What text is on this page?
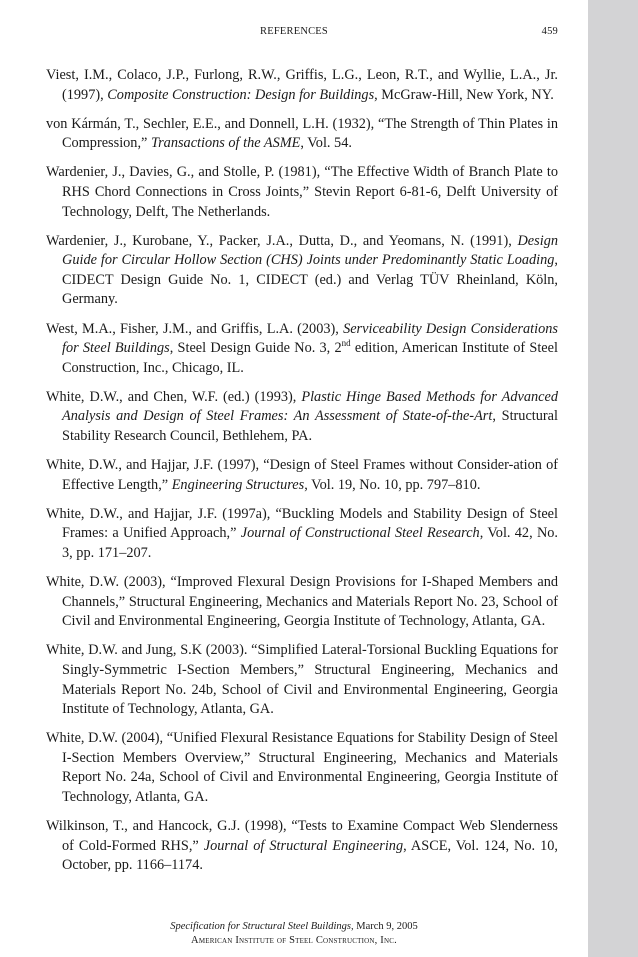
REFERENCES	459

Viest, I.M., Colaco, J.P., Furlong, R.W., Griffis, L.G., Leon, R.T., and Wyllie, L.A., Jr. (1997), Composite Construction: Design for Buildings, McGraw-Hill, New York, NY.

von Kármán, T., Sechler, E.E., and Donnell, L.H. (1932), “The Strength of Thin Plates in Compression,” Transactions of the ASME, Vol. 54.

Wardenier, J., Davies, G., and Stolle, P. (1981), “The Effective Width of Branch Plate to RHS Chord Connections in Cross Joints,” Stevin Report 6-81-6, Delft University of Technology, Delft, The Netherlands.

Wardenier, J., Kurobane, Y., Packer, J.A., Dutta, D., and Yeomans, N. (1991), Design Guide for Circular Hollow Section (CHS) Joints under Predominantly Static Loading, CIDECT Design Guide No. 1, CIDECT (ed.) and Verlag TÜV Rheinland, Köln, Germany.

West, M.A., Fisher, J.M., and Griffis, L.A. (2003), Serviceability Design Considerations for Steel Buildings, Steel Design Guide No. 3, 2nd edition, American Institute of Steel Construction, Inc., Chicago, IL.

White, D.W., and Chen, W.F. (ed.) (1993), Plastic Hinge Based Methods for Advanced Analysis and Design of Steel Frames: An Assessment of State-of-the-Art, Structural Stability Research Council, Bethlehem, PA.

White, D.W., and Hajjar, J.F. (1997), “Design of Steel Frames without Consider-ation of Effective Length,” Engineering Structures, Vol. 19, No. 10, pp. 797–810.

White, D.W., and Hajjar, J.F. (1997a), “Buckling Models and Stability Design of Steel Frames: a Unified Approach,” Journal of Constructional Steel Research, Vol. 42, No. 3, pp. 171–207.

White, D.W. (2003), “Improved Flexural Design Provisions for I-Shaped Members and Channels,” Structural Engineering, Mechanics and Materials Report No. 23, School of Civil and Environmental Engineering, Georgia Institute of Technology, Atlanta, GA.

White, D.W. and Jung, S.K (2003). “Simplified Lateral-Torsional Buckling Equations for Singly-Symmetric I-Section Members,” Structural Engineering, Mechanics and Materials Report No. 24b, School of Civil and Environmental Engineering, Georgia Institute of Technology, Atlanta, GA.

White, D.W. (2004), “Unified Flexural Resistance Equations for Stability Design of Steel I-Section Members Overview,” Structural Engineering, Mechanics and Materials Report No. 24a, School of Civil and Environmental Engineering, Georgia Institute of Technology, Atlanta, GA.

Wilkinson, T., and Hancock, G.J. (1998), “Tests to Examine Compact Web Slenderness of Cold-Formed RHS,” Journal of Structural Engineering, ASCE, Vol. 124, No. 10, October, pp. 1166–1174.

Specification for Structural Steel Buildings, March 9, 2005
American Institute of Steel Construction, Inc.
